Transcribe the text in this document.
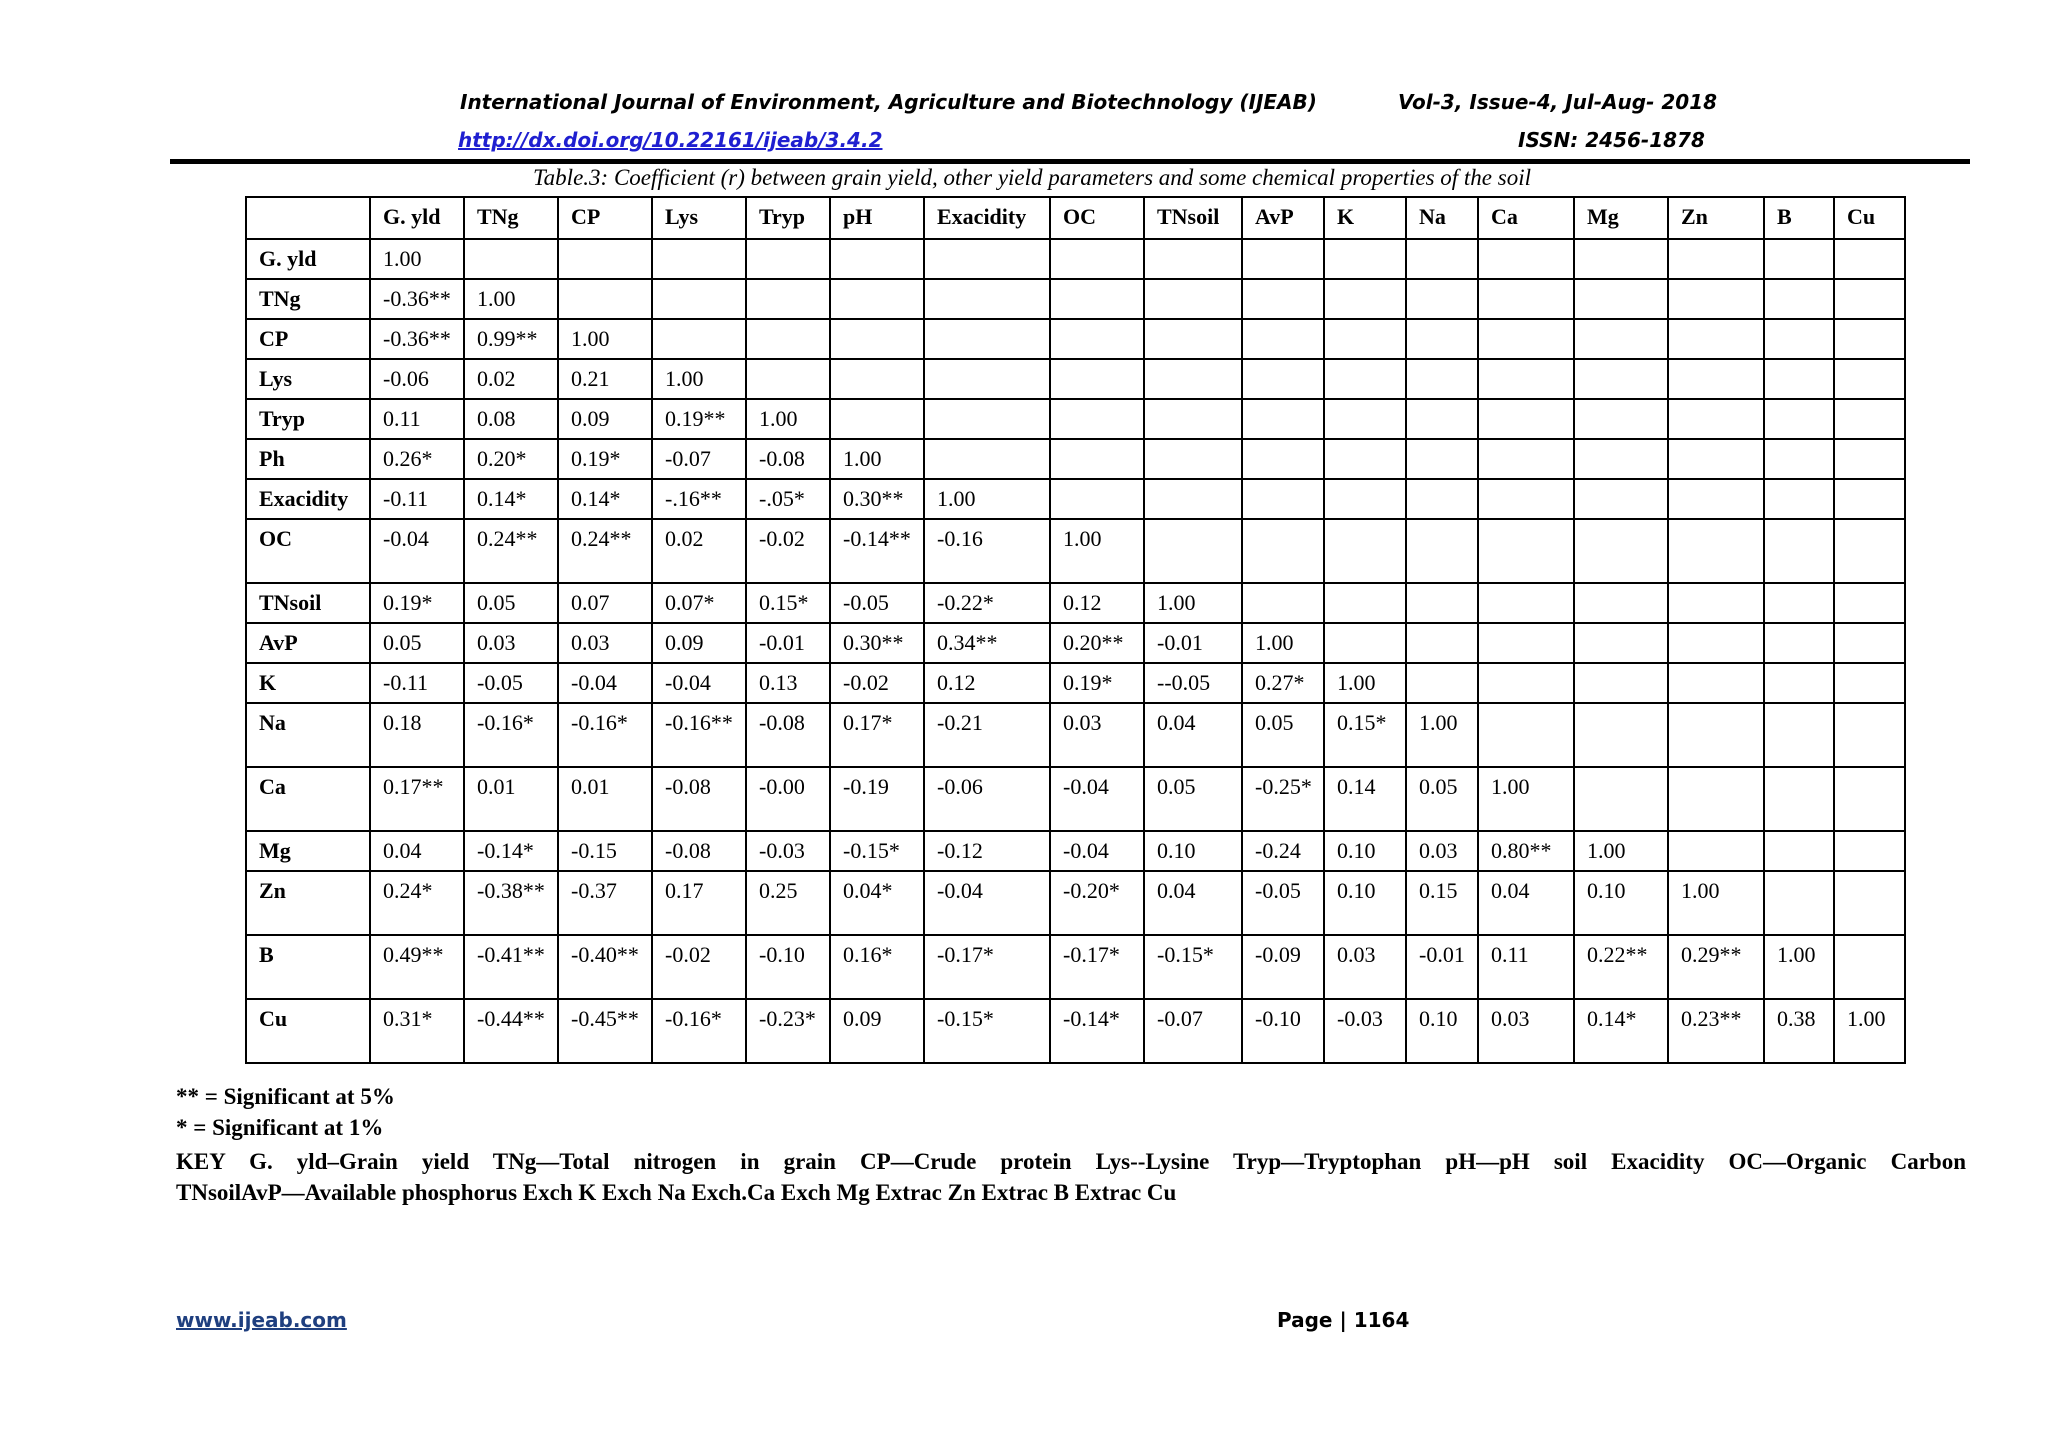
International Journal of Environment, Agriculture and Biotechnology (IJEAB)	Vol-3, Issue-4, Jul-Aug- 2018
http://dx.doi.org/10.22161/ijeab/3.4.2	ISSN: 2456-1878
Table.3: Coefficient (r) between grain yield, other yield parameters and some chemical properties of the soil
	G. yld	TNg	CP	Lys	Tryp	pH	Exacidity	OC	TNsoil	AvP	K	Na	Ca	Mg	Zn	B	Cu
G. yld	1.00																
TNg	-0.36**	1.00															
CP	-0.36**	0.99**	1.00														
Lys	-0.06	0.02	0.21	1.00													
Tryp	0.11	0.08	0.09	0.19**	1.00												
Ph	0.26*	0.20*	0.19*	-0.07	-0.08	1.00											
Exacidity	-0.11	0.14*	0.14*	-.16**	-.05*	0.30**	1.00										
OC	-0.04	0.24**	0.24**	0.02	-0.02	-0.14**	-0.16	1.00									
TNsoil	0.19*	0.05	0.07	0.07*	0.15*	-0.05	-0.22*	0.12	1.00								
AvP	0.05	0.03	0.03	0.09	-0.01	0.30**	0.34**	0.20**	-0.01	1.00							
K	-0.11	-0.05	-0.04	-0.04	0.13	-0.02	0.12	0.19*	--0.05	0.27*	1.00						
Na	0.18	-0.16*	-0.16*	-0.16**	-0.08	0.17*	-0.21	0.03	0.04	0.05	0.15*	1.00					
Ca	0.17**	0.01	0.01	-0.08	-0.00	-0.19	-0.06	-0.04	0.05	-0.25*	0.14	0.05	1.00				
Mg	0.04	-0.14*	-0.15	-0.08	-0.03	-0.15*	-0.12	-0.04	0.10	-0.24	0.10	0.03	0.80**	1.00			
Zn	0.24*	-0.38**	-0.37	0.17	0.25	0.04*	-0.04	-0.20*	0.04	-0.05	0.10	0.15	0.04	0.10	1.00		
B	0.49**	-0.41**	-0.40**	-0.02	-0.10	0.16*	-0.17*	-0.17*	-0.15*	-0.09	0.03	-0.01	0.11	0.22**	0.29**	1.00	
Cu	0.31*	-0.44**	-0.45**	-0.16*	-0.23*	0.09	-0.15*	-0.14*	-0.07	-0.10	-0.03	0.10	0.03	0.14*	0.23**	0.38	1.00
** = Significant at 5%
* = Significant at 1%
KEY G. yld–Grain yield TNg—Total nitrogen in grain CP—Crude protein Lys--Lysine Tryp—Tryptophan pH—pH soil Exacidity OC—Organic Carbon
TNsoilAvP—Available phosphorus Exch K Exch Na Exch.Ca Exch Mg Extrac Zn Extrac B Extrac Cu
www.ijeab.com	Page | 1164
